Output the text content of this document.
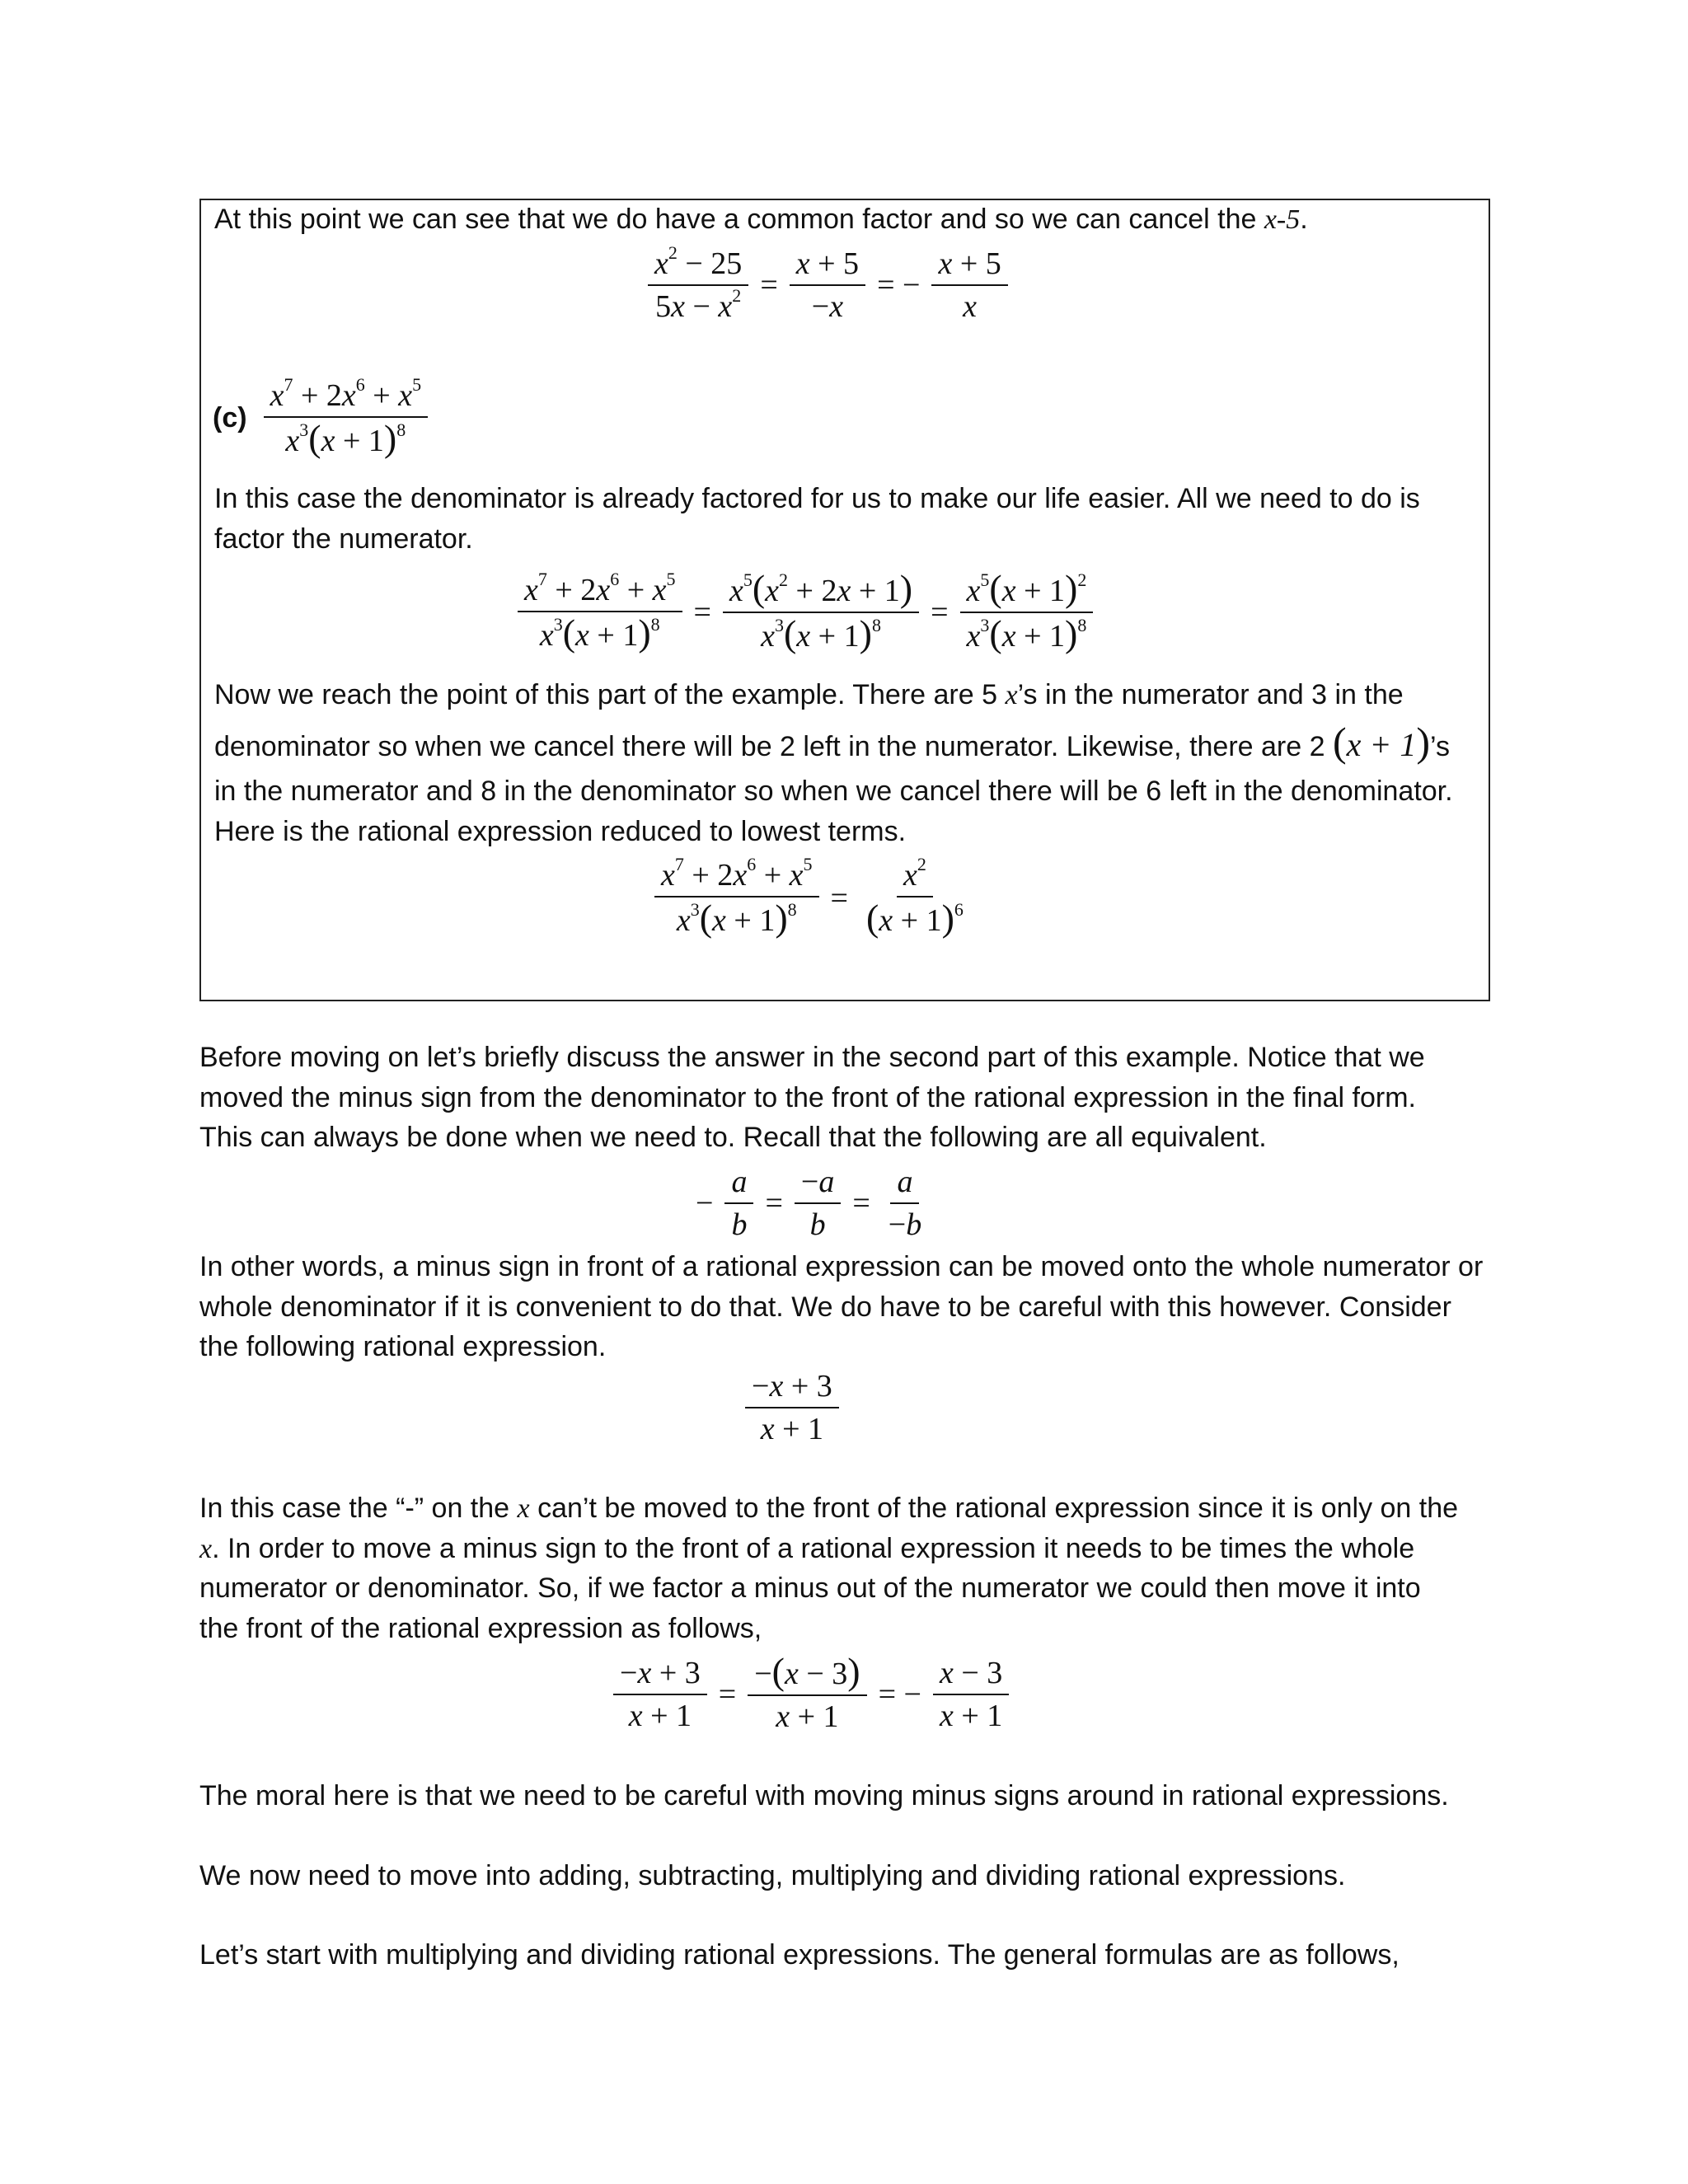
At this point we can see that we do have a common factor and so we can cancel the x-5.

$\frac{x^2 - 25}{5x - x^2} = \frac{x + 5}{-x}$ = − $\frac{x + 5}{x}$
$(c) \frac{x^7 + 2x^6 + x^5}{x^3(x + 1)^8}$

In this case the denominator is already factored for us to make our life easier. All we need to do is

factor the numerator.

$\frac{x^7 + 2x^6 + x^5}{x^3(x + 1)^8} = \frac{x^5(x^2 + 2x + 1)}{x^3(x + 1)^8} = \frac{x^5(x + 1)^2}{x^3(x + 1)^8}$

Now we reach the point of this part of the example. There are 5 x’s in the numerator and 3 in the

denominator so when we cancel there will be 2 left in the numerator. Likewise, there are 2 (x + 1)’s

in the numerator and 8 in the denominator so when we cancel there will be 6 left in the denominator.

Here is the rational expression reduced to lowest terms.

$\frac{x^7 + 2x^6 + x^5}{x^3(x + 1)^8} = \frac{x^2}{(x + 1)^6}$

Before moving on let’s briefly discuss the answer in the second part of this example. Notice that we

moved the minus sign from the denominator to the front of the rational expression in the final form.

This can always be done when we need to. Recall that the following are all equivalent.

− $\frac{a}{b} = \frac{-a}{b} = \frac{a}{-b}$

In other words, a minus sign in front of a rational expression can be moved onto the whole numerator or

whole denominator if it is convenient to do that. We do have to be careful with this however. Consider

the following rational expression.

$\frac{-x + 3}{x + 1}$

In this case the “-” on the x can’t be moved to the front of the rational expression since it is only on the

x. In order to move a minus sign to the front of a rational expression it needs to be times the whole

numerator or denominator. So, if we factor a minus out of the numerator we could then move it into

the front of the rational expression as follows,

$\frac{-x + 3}{x + 1} = \frac{-(x - 3)}{x + 1}$ = − $\frac{x - 3}{x + 1}$

The moral here is that we need to be careful with moving minus signs around in rational expressions.

We now need to move into adding, subtracting, multiplying and dividing rational expressions.

Let’s start with multiplying and dividing rational expressions. The general formulas are as follows,
